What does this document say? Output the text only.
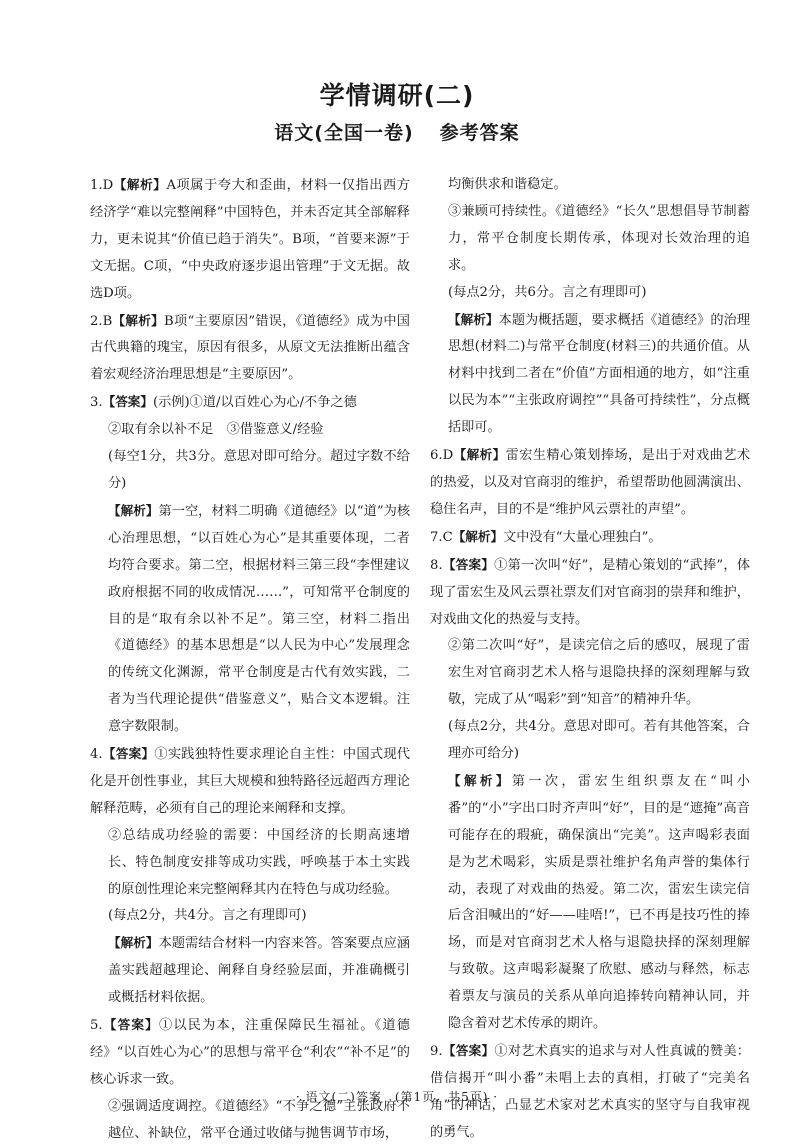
学情调研(二)
语文(全国一卷) 参考答案

1.D【解析】A项属于夸大和歪曲，材料一仅指出西方经济学“难以完整阐释”中国特色，并未否定其全部解释力，更未说其“价值已趋于消失”。B项，“首要来源”于文无据。C项，“中央政府逐步退出管理”于文无据。故选D项。

2.B【解析】B项“主要原因”错误，《道德经》成为中国古代典籍的瑰宝，原因有很多，从原文无法推断出蕴含着宏观经济治理思想是“主要原因”。

3.【答案】(示例)①道/以百姓心为心/不争之德

②取有余以补不足　③借鉴意义/经验

(每空1分，共3分。意思对即可给分。超过字数不给分)

【解析】第一空，材料二明确《道德经》以“道”为核心治理思想，“以百姓心为心”是其重要体现，二者均符合要求。第二空，根据材料三第三段“李悝建议政府根据不同的收成情况……”，可知常平仓制度的目的是“取有余以补不足”。第三空，材料二指出《道德经》的基本思想是“以人民为中心”发展理念的传统文化渊源，常平仓制度是古代有效实践，二者为当代理论提供“借鉴意义”，贴合文本逻辑。注意字数限制。

4.【答案】①实践独特性要求理论自主性：中国式现代化是开创性事业，其巨大规模和独特路径远超西方理论解释范畴，必须有自己的理论来阐释和支撑。

②总结成功经验的需要：中国经济的长期高速增长、特色制度安排等成功实践，呼唤基于本土实践的原创性理论来完整阐释其内在特色与成功经验。

(每点2分，共4分。言之有理即可)

【解析】本题需结合材料一内容来答。答案要点应涵盖实践超越理论、阐释自身经验层面，并准确概引或概括材料依据。

5.【答案】①以民为本，注重保障民生福祉。《道德经》“以百姓心为心”的思想与常平仓“利农”“补不足”的核心诉求一致。

②强调适度调控。《道德经》“不争之德”主张政府不越位、补缺位，常平仓通过收储与抛售调节市场，

均衡供求和谐稳定。

③兼顾可持续性。《道德经》“长久”思想倡导节制蓄力，常平仓制度长期传承，体现对长效治理的追求。

(每点2分，共6分。言之有理即可)

【解析】本题为概括题，要求概括《道德经》的治理思想(材料二)与常平仓制度(材料三)的共通价值。从材料中找到二者在“价值”方面相通的地方，如“注重以民为本”“主张政府调控”“具备可持续性”，分点概括即可。

6.D【解析】雷宏生精心策划捧场，是出于对戏曲艺术的热爱，以及对官商羽的维护，希望帮助他圆满演出、稳住名声，目的不是“维护风云票社的声望”。

7.C【解析】文中没有“大量心理独白”。

8.【答案】①第一次叫“好”，是精心策划的“武捧”，体现了雷宏生及风云票社票友们对官商羽的崇拜和维护，对戏曲文化的热爱与支持。

②第二次叫“好”，是读完信之后的感叹，展现了雷宏生对官商羽艺术人格与退隐抉择的深刻理解与致敬，完成了从“喝彩”到“知音”的精神升华。

(每点2分，共4分。意思对即可。若有其他答案，合理亦可给分)

【解析】第一次，雷宏生组织票友在“叫小番”的“小”字出口时齐声叫“好”，目的是“遮掩”高音可能存在的瑕疵，确保演出“完美”。这声喝彩表面是为艺术喝彩，实质是票社维护名角声誉的集体行动，表现了对戏曲的热爱。第二次，雷宏生读完信后含泪喊出的“好——哇唔!”，已不再是技巧性的捧场，而是对官商羽艺术人格与退隐抉择的深刻理解与致敬。这声喝彩凝聚了欣慰、感动与释然，标志着票友与演员的关系从单向追捧转向精神认同，并隐含着对艺术传承的期许。

9.【答案】①对艺术真实的追求与对人性真诚的赞美：借信揭开“叫小番”未唱上去的真相，打破了“完美名角”的神话，凸显艺术家对艺术真实的坚守与自我审视的勇气。

· 语文(二)答案　(第1页，共5页) ·
